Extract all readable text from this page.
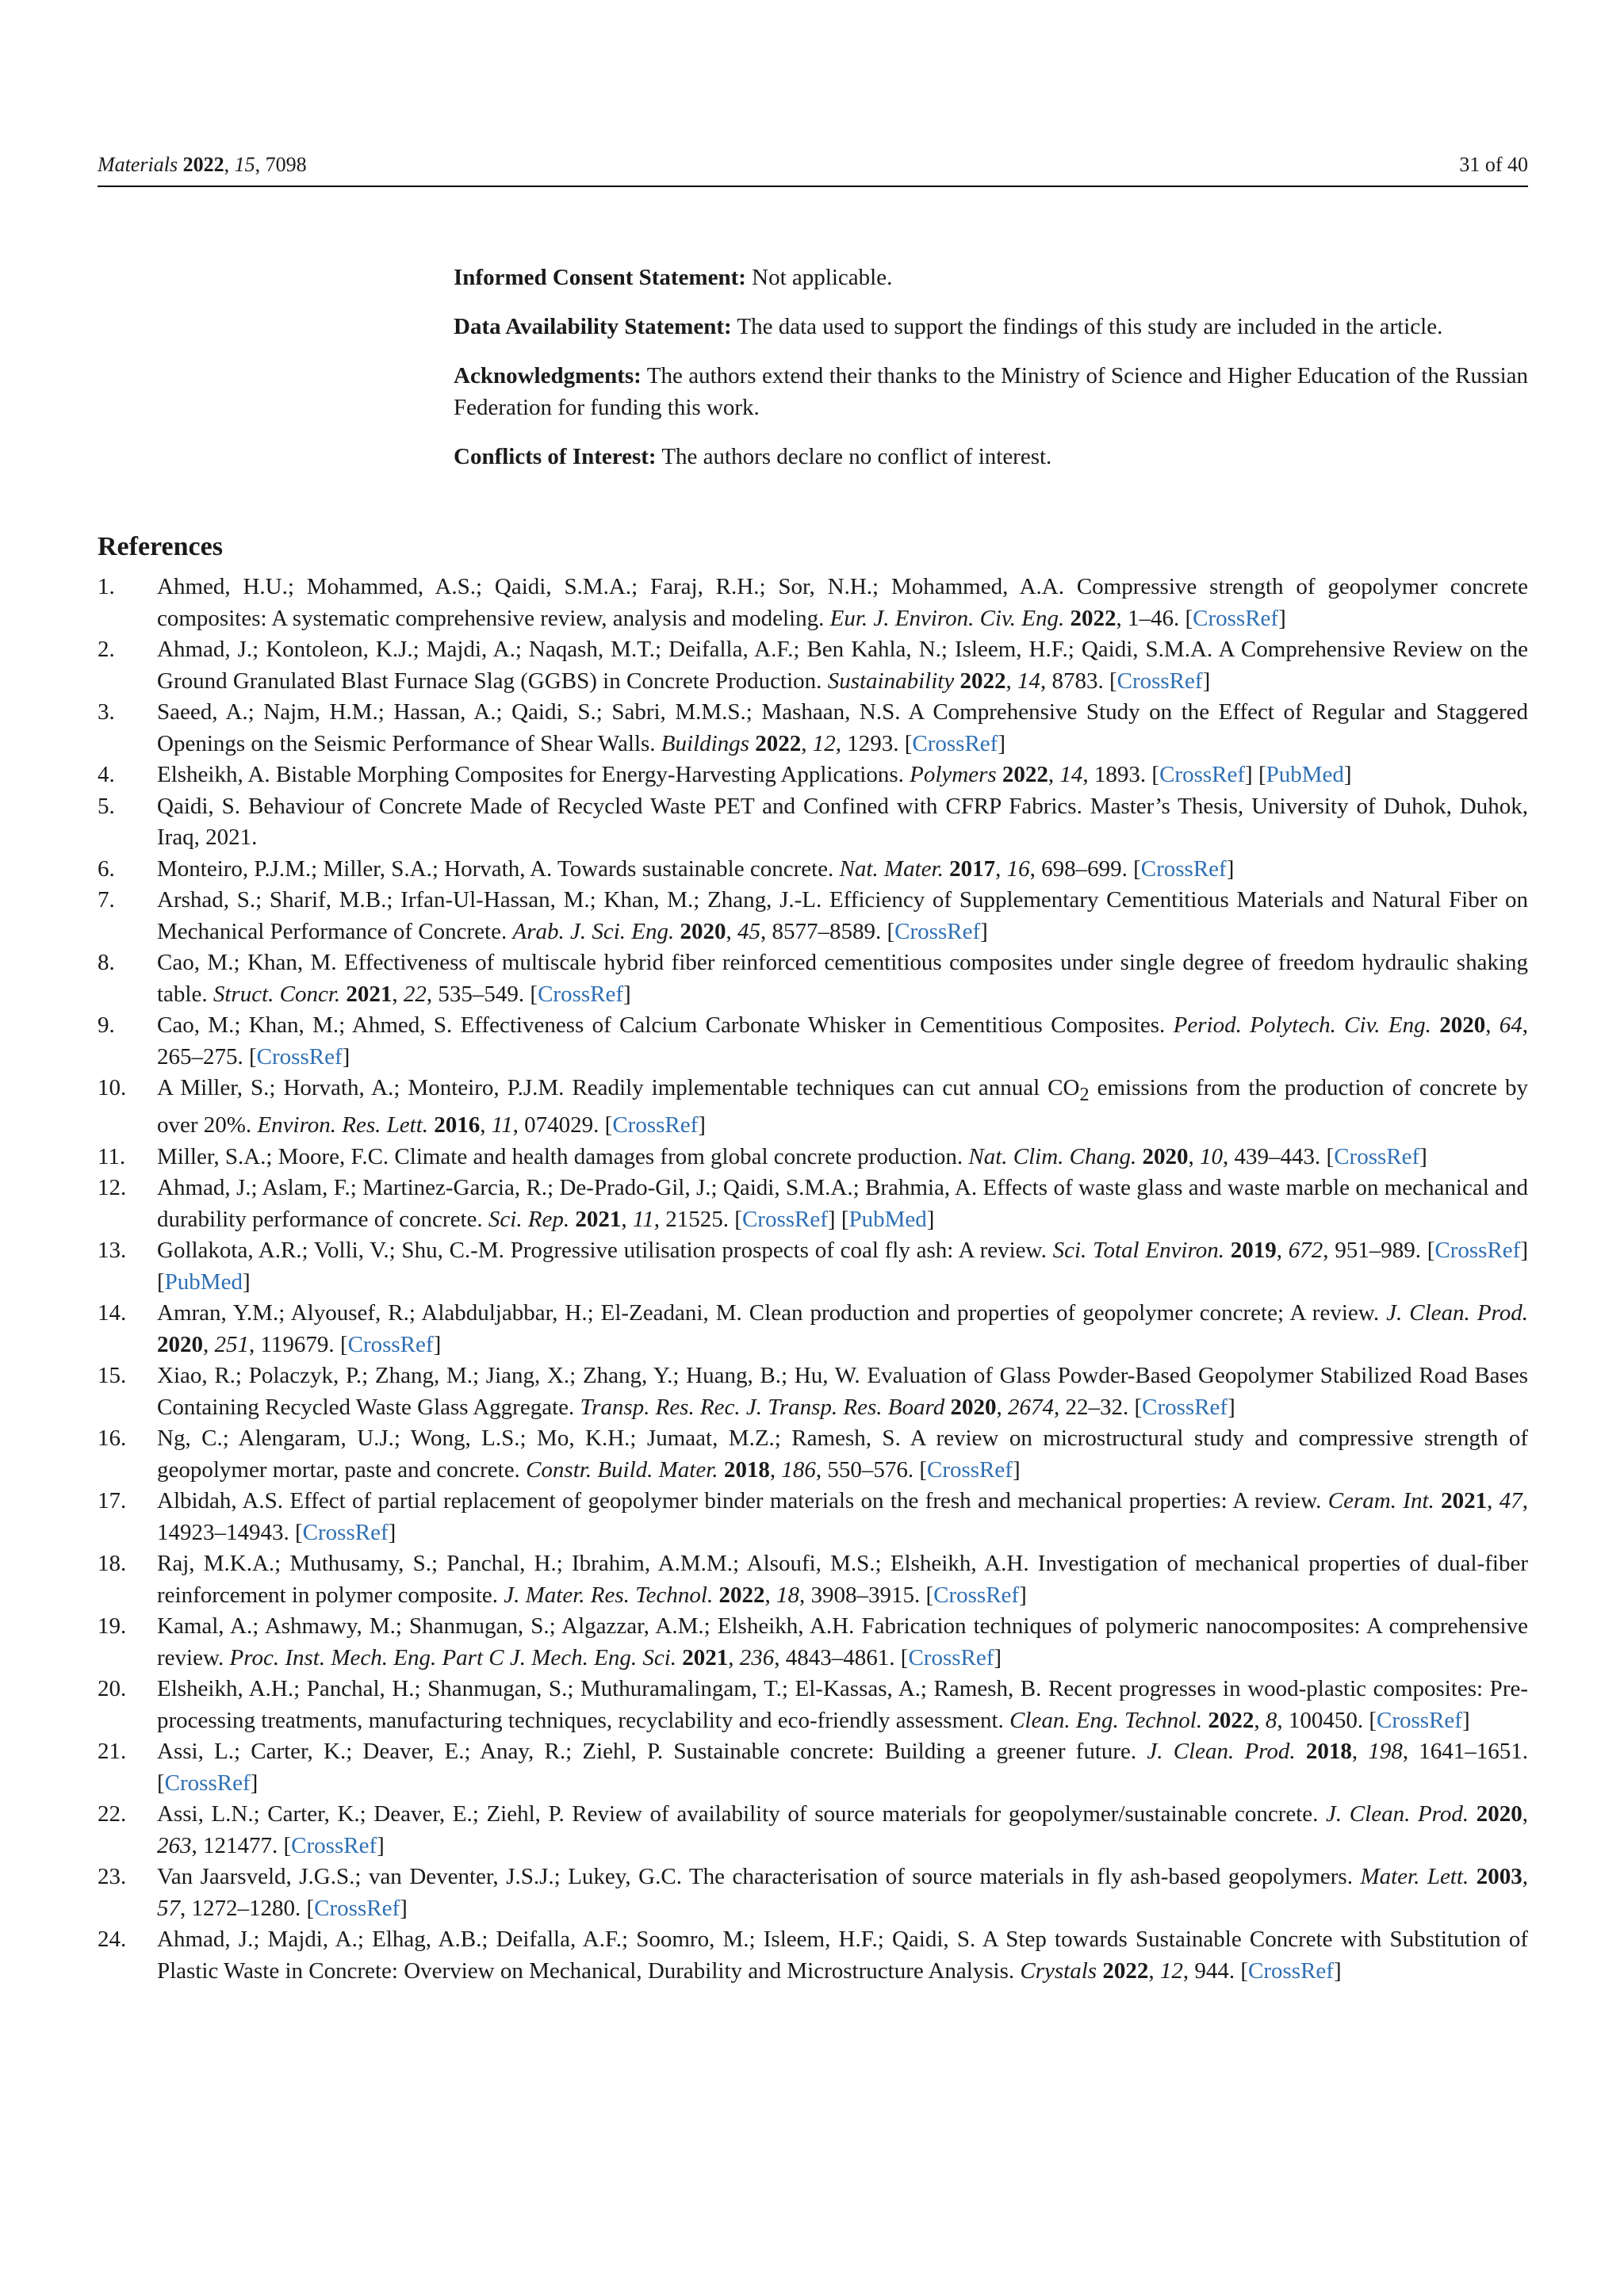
Materials 2022, 15, 7098	31 of 40

Informed Consent Statement: Not applicable.

Data Availability Statement: The data used to support the findings of this study are included in the article.

Acknowledgments: The authors extend their thanks to the Ministry of Science and Higher Education of the Russian Federation for funding this work.

Conflicts of Interest: The authors declare no conflict of interest.

References
1. Ahmed, H.U.; Mohammed, A.S.; Qaidi, S.M.A.; Faraj, R.H.; Sor, N.H.; Mohammed, A.A. Compressive strength of geopolymer concrete composites: A systematic comprehensive review, analysis and modeling. Eur. J. Environ. Civ. Eng. 2022, 1–46. [CrossRef]
2. Ahmad, J.; Kontoleon, K.J.; Majdi, A.; Naqash, M.T.; Deifalla, A.F.; Ben Kahla, N.; Isleem, H.F.; Qaidi, S.M.A. A Comprehensive Review on the Ground Granulated Blast Furnace Slag (GGBS) in Concrete Production. Sustainability 2022, 14, 8783. [CrossRef]
3. Saeed, A.; Najm, H.M.; Hassan, A.; Qaidi, S.; Sabri, M.M.S.; Mashaan, N.S. A Comprehensive Study on the Effect of Regular and Staggered Openings on the Seismic Performance of Shear Walls. Buildings 2022, 12, 1293. [CrossRef]
4. Elsheikh, A. Bistable Morphing Composites for Energy-Harvesting Applications. Polymers 2022, 14, 1893. [CrossRef] [PubMed]
5. Qaidi, S. Behaviour of Concrete Made of Recycled Waste PET and Confined with CFRP Fabrics. Master’s Thesis, University of Duhok, Duhok, Iraq, 2021.
6. Monteiro, P.J.M.; Miller, S.A.; Horvath, A. Towards sustainable concrete. Nat. Mater. 2017, 16, 698–699. [CrossRef]
7. Arshad, S.; Sharif, M.B.; Irfan-Ul-Hassan, M.; Khan, M.; Zhang, J.-L. Efficiency of Supplementary Cementitious Materials and Natural Fiber on Mechanical Performance of Concrete. Arab. J. Sci. Eng. 2020, 45, 8577–8589. [CrossRef]
8. Cao, M.; Khan, M. Effectiveness of multiscale hybrid fiber reinforced cementitious composites under single degree of freedom hydraulic shaking table. Struct. Concr. 2021, 22, 535–549. [CrossRef]
9. Cao, M.; Khan, M.; Ahmed, S. Effectiveness of Calcium Carbonate Whisker in Cementitious Composites. Period. Polytech. Civ. Eng. 2020, 64, 265–275. [CrossRef]
10. A Miller, S.; Horvath, A.; Monteiro, P.J.M. Readily implementable techniques can cut annual $CO_2$ emissions from the production of concrete by over 20%. Environ. Res. Lett. 2016, 11, 074029. [CrossRef]
11. Miller, S.A.; Moore, F.C. Climate and health damages from global concrete production. Nat. Clim. Chang. 2020, 10, 439–443. [CrossRef]
12. Ahmad, J.; Aslam, F.; Martinez-Garcia, R.; De-Prado-Gil, J.; Qaidi, S.M.A.; Brahmia, A. Effects of waste glass and waste marble on mechanical and durability performance of concrete. Sci. Rep. 2021, 11, 21525. [CrossRef] [PubMed]
13. Gollakota, A.R.; Volli, V.; Shu, C.-M. Progressive utilisation prospects of coal fly ash: A review. Sci. Total Environ. 2019, 672, 951–989. [CrossRef] [PubMed]
14. Amran, Y.M.; Alyousef, R.; Alabduljabbar, H.; El-Zeadani, M. Clean production and properties of geopolymer concrete; A review. J. Clean. Prod. 2020, 251, 119679. [CrossRef]
15. Xiao, R.; Polaczyk, P.; Zhang, M.; Jiang, X.; Zhang, Y.; Huang, B.; Hu, W. Evaluation of Glass Powder-Based Geopolymer Stabilized Road Bases Containing Recycled Waste Glass Aggregate. Transp. Res. Rec. J. Transp. Res. Board 2020, 2674, 22–32. [CrossRef]
16. Ng, C.; Alengaram, U.J.; Wong, L.S.; Mo, K.H.; Jumaat, M.Z.; Ramesh, S. A review on microstructural study and compressive strength of geopolymer mortar, paste and concrete. Constr. Build. Mater. 2018, 186, 550–576. [CrossRef]
17. Albidah, A.S. Effect of partial replacement of geopolymer binder materials on the fresh and mechanical properties: A review. Ceram. Int. 2021, 47, 14923–14943. [CrossRef]
18. Raj, M.K.A.; Muthusamy, S.; Panchal, H.; Ibrahim, A.M.M.; Alsoufi, M.S.; Elsheikh, A.H. Investigation of mechanical properties of dual-fiber reinforcement in polymer composite. J. Mater. Res. Technol. 2022, 18, 3908–3915. [CrossRef]
19. Kamal, A.; Ashmawy, M.; Shanmugan, S.; Algazzar, A.M.; Elsheikh, A.H. Fabrication techniques of polymeric nanocomposites: A comprehensive review. Proc. Inst. Mech. Eng. Part C J. Mech. Eng. Sci. 2021, 236, 4843–4861. [CrossRef]
20. Elsheikh, A.H.; Panchal, H.; Shanmugan, S.; Muthuramalingam, T.; El-Kassas, A.; Ramesh, B. Recent progresses in wood-plastic composites: Pre-processing treatments, manufacturing techniques, recyclability and eco-friendly assessment. Clean. Eng. Technol. 2022, 8, 100450. [CrossRef]
21. Assi, L.; Carter, K.; Deaver, E.; Anay, R.; Ziehl, P. Sustainable concrete: Building a greener future. J. Clean. Prod. 2018, 198, 1641–1651. [CrossRef]
22. Assi, L.N.; Carter, K.; Deaver, E.; Ziehl, P. Review of availability of source materials for geopolymer/sustainable concrete. J. Clean. Prod. 2020, 263, 121477. [CrossRef]
23. Van Jaarsveld, J.G.S.; van Deventer, J.S.J.; Lukey, G.C. The characterisation of source materials in fly ash-based geopolymers. Mater. Lett. 2003, 57, 1272–1280. [CrossRef]
24. Ahmad, J.; Majdi, A.; Elhag, A.B.; Deifalla, A.F.; Soomro, M.; Isleem, H.F.; Qaidi, S. A Step towards Sustainable Concrete with Substitution of Plastic Waste in Concrete: Overview on Mechanical, Durability and Microstructure Analysis. Crystals 2022, 12, 944. [CrossRef]
